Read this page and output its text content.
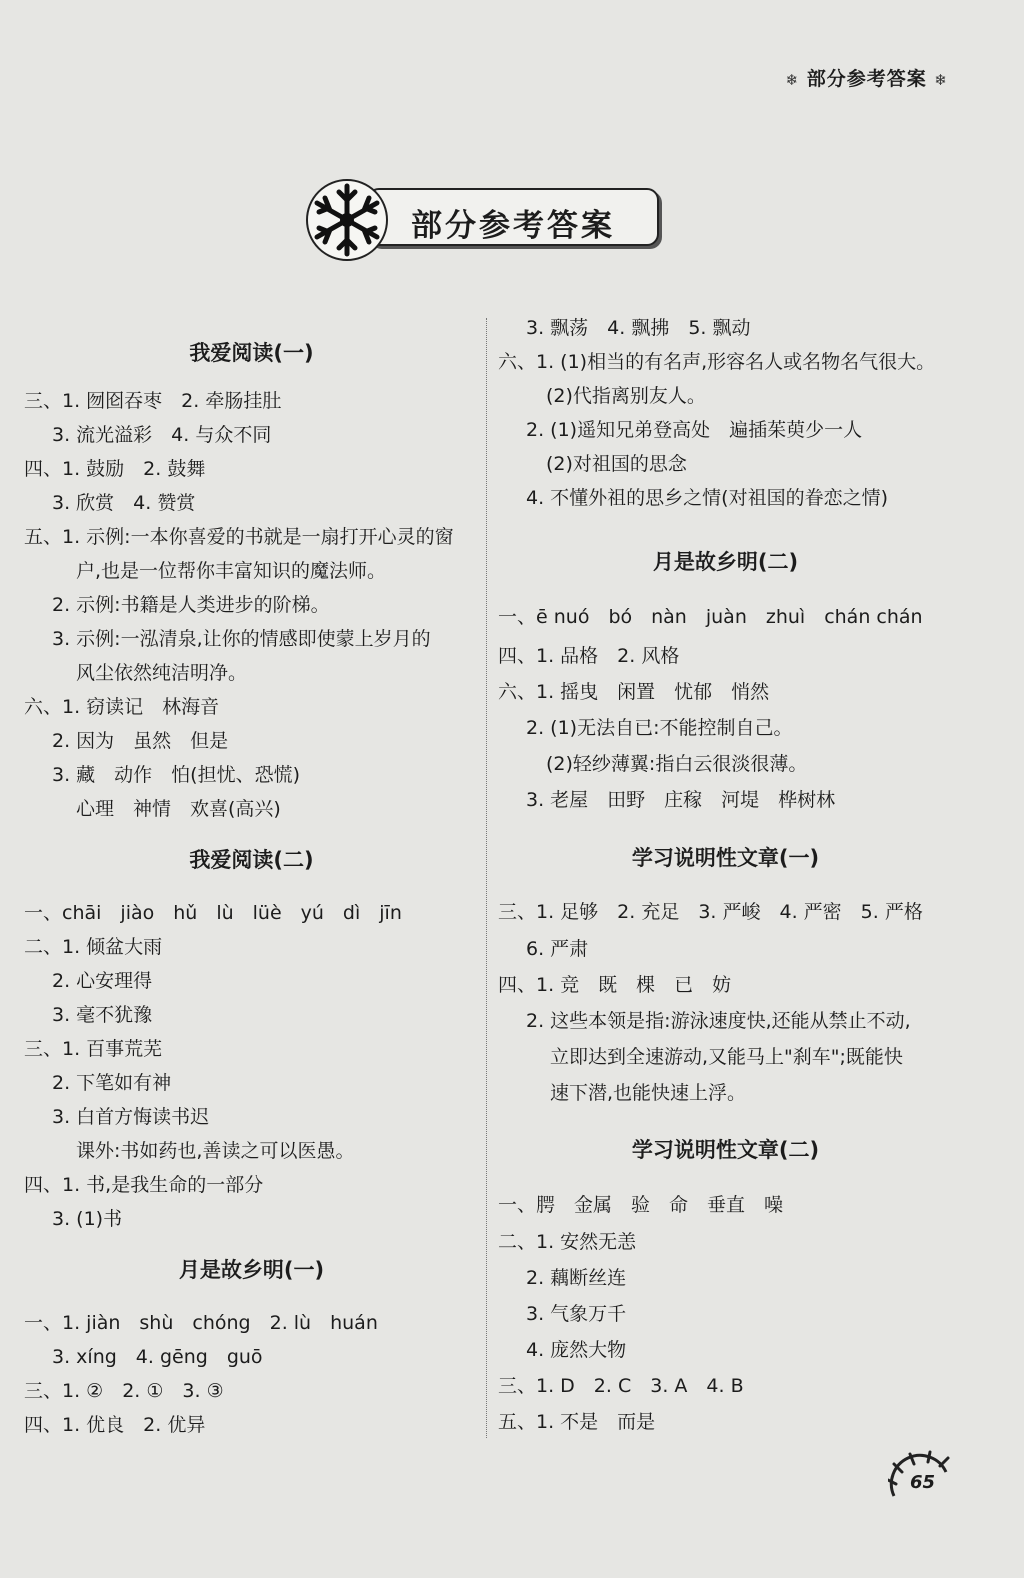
❄ 部分参考答案 ❄
部分参考答案
我爱阅读(一)
三、1. 囫囵吞枣　2. 牵肠挂肚
3. 流光溢彩　4. 与众不同
四、1. 鼓励　2. 鼓舞
3. 欣赏　4. 赞赏
五、1. 示例:一本你喜爱的书就是一扇打开心灵的窗
户,也是一位帮你丰富知识的魔法师。
2. 示例:书籍是人类进步的阶梯。
3. 示例:一泓清泉,让你的情感即使蒙上岁月的
风尘依然纯洁明净。
六、1. 窃读记　林海音
2. 因为　虽然　但是
3. 藏　动作　怕(担忧、恐慌)
心理　神情　欢喜(高兴)
我爱阅读(二)
一、chāi　jiào　hǔ　lù　lüè　yú　dì　jīn
二、1. 倾盆大雨
2. 心安理得
3. 毫不犹豫
三、1. 百事荒芜
2. 下笔如有神
3. 白首方悔读书迟
课外:书如药也,善读之可以医愚。
四、1. 书,是我生命的一部分
3. (1)书
月是故乡明(一)
一、1. jiàn　shù　chóng　2. lù　huán
3. xíng　4. gēng　guō
三、1. ②　2. ①　3. ③
四、1. 优良　2. 优异
3. 飘荡　4. 飘拂　5. 飘动
六、1. (1)相当的有名声,形容名人或名物名气很大。
(2)代指离别友人。
2. (1)遥知兄弟登高处　遍插茱萸少一人
(2)对祖国的思念
4. 不懂外祖的思乡之情(对祖国的眷恋之情)
月是故乡明(二)
一、ē nuó　bó　nàn　juàn　zhuì　chán chán
四、1. 品格　2. 风格
六、1. 摇曳　闲置　忧郁　悄然
2. (1)无法自已:不能控制自己。
(2)轻纱薄翼:指白云很淡很薄。
3. 老屋　田野　庄稼　河堤　桦树林
学习说明性文章(一)
三、1. 足够　2. 充足　3. 严峻　4. 严密　5. 严格
6. 严肃
四、1. 竞　既　棵　已　妨
2. 这些本领是指:游泳速度快,还能从禁止不动,
立即达到全速游动,又能马上"刹车";既能快
速下潜,也能快速上浮。
学习说明性文章(二)
一、腭　金属　验　命　垂直　噪
二、1. 安然无恙
2. 藕断丝连
3. 气象万千
4. 庞然大物
三、1. D　2. C　3. A　4. B
五、1. 不是　而是
65
